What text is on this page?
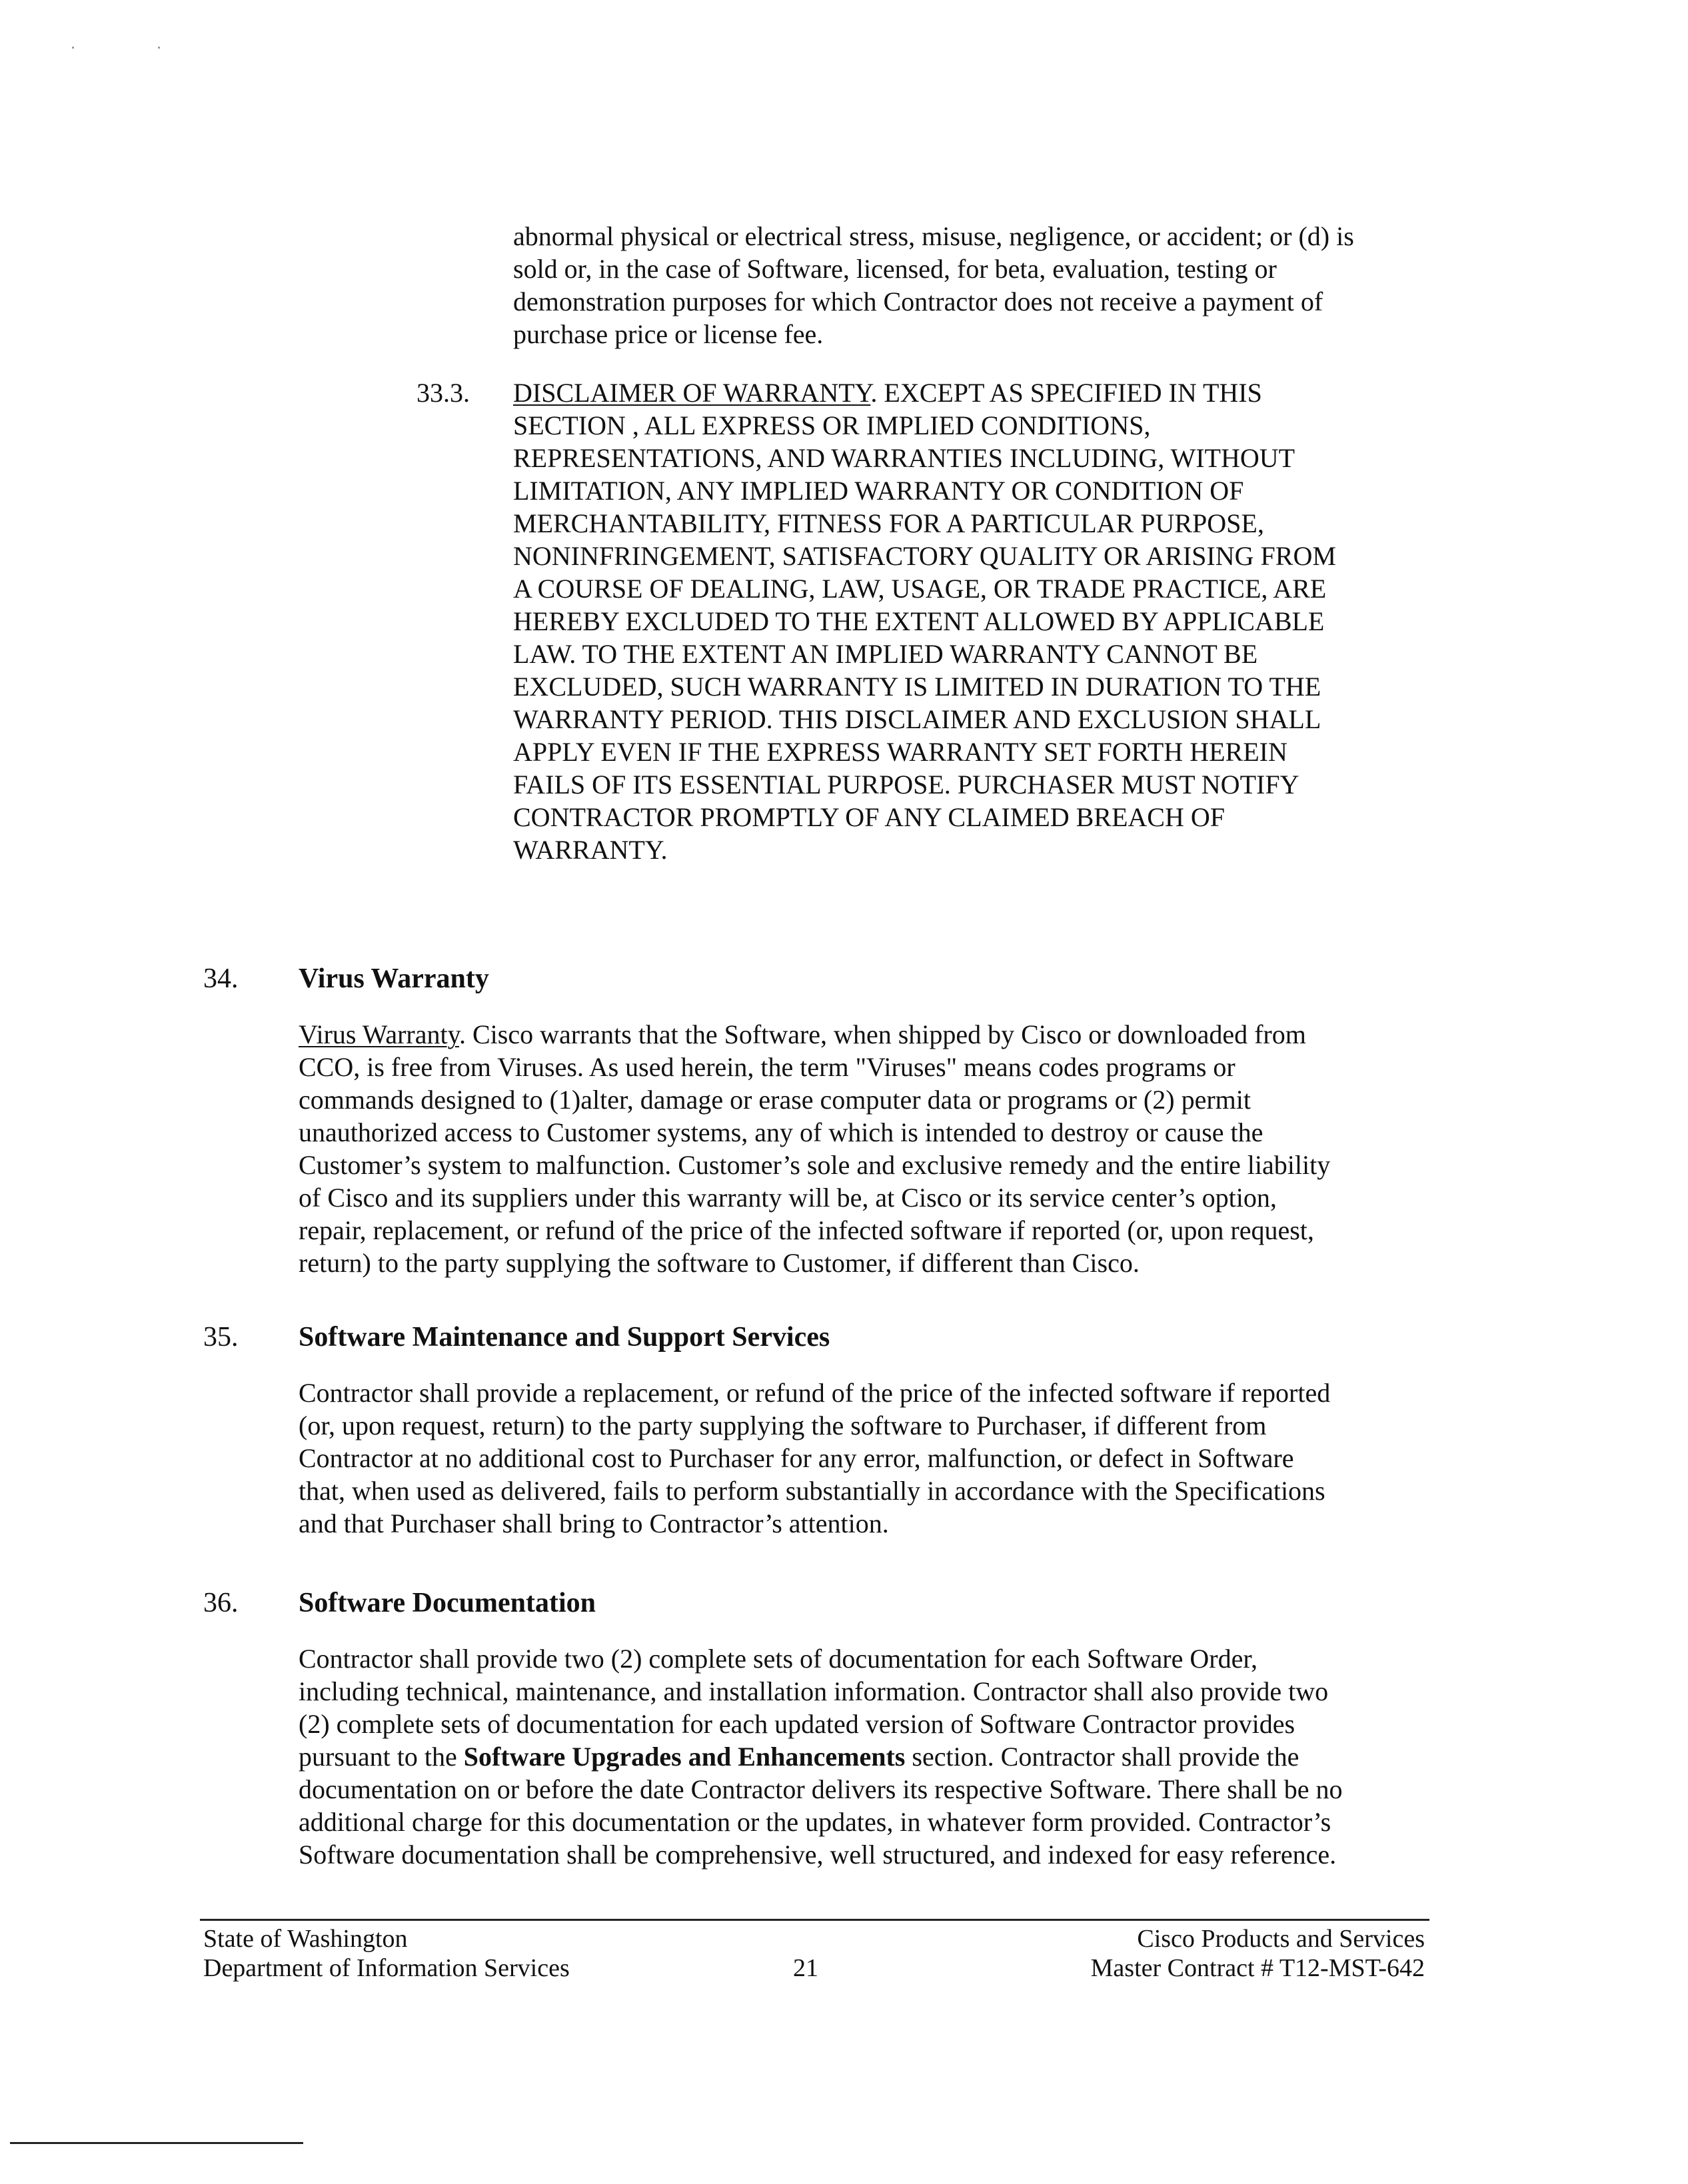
abnormal physical or electrical stress, misuse, negligence, or accident; or (d) is
sold or, in the case of Software, licensed, for beta, evaluation, testing or
demonstration purposes for which Contractor does not receive a payment of
purchase price or license fee.
33.3. DISCLAIMER OF WARRANTY. EXCEPT AS SPECIFIED IN THIS
SECTION , ALL EXPRESS OR IMPLIED CONDITIONS,
REPRESENTATIONS, AND WARRANTIES INCLUDING, WITHOUT
LIMITATION, ANY IMPLIED WARRANTY OR CONDITION OF
MERCHANTABILITY, FITNESS FOR A PARTICULAR PURPOSE,
NONINFRINGEMENT, SATISFACTORY QUALITY OR ARISING FROM
A COURSE OF DEALING, LAW, USAGE, OR TRADE PRACTICE, ARE
HEREBY EXCLUDED TO THE EXTENT ALLOWED BY APPLICABLE
LAW. TO THE EXTENT AN IMPLIED WARRANTY CANNOT BE
EXCLUDED, SUCH WARRANTY IS LIMITED IN DURATION TO THE
WARRANTY PERIOD. THIS DISCLAIMER AND EXCLUSION SHALL
APPLY EVEN IF THE EXPRESS WARRANTY SET FORTH HEREIN
FAILS OF ITS ESSENTIAL PURPOSE. PURCHASER MUST NOTIFY
CONTRACTOR PROMPTLY OF ANY CLAIMED BREACH OF
WARRANTY.
34. Virus Warranty
Virus Warranty. Cisco warrants that the Software, when shipped by Cisco or downloaded from
CCO, is free from Viruses. As used herein, the term "Viruses" means codes programs or
commands designed to (1)alter, damage or erase computer data or programs or (2) permit
unauthorized access to Customer systems, any of which is intended to destroy or cause the
Customer’s system to malfunction. Customer’s sole and exclusive remedy and the entire liability
of Cisco and its suppliers under this warranty will be, at Cisco or its service center’s option,
repair, replacement, or refund of the price of the infected software if reported (or, upon request,
return) to the party supplying the software to Customer, if different than Cisco.
35. Software Maintenance and Support Services
Contractor shall provide a replacement, or refund of the price of the infected software if reported
(or, upon request, return) to the party supplying the software to Purchaser, if different from
Contractor at no additional cost to Purchaser for any error, malfunction, or defect in Software
that, when used as delivered, fails to perform substantially in accordance with the Specifications
and that Purchaser shall bring to Contractor’s attention.
36. Software Documentation
Contractor shall provide two (2) complete sets of documentation for each Software Order,
including technical, maintenance, and installation information. Contractor shall also provide two
(2) complete sets of documentation for each updated version of Software Contractor provides
pursuant to the Software Upgrades and Enhancements section. Contractor shall provide the
documentation on or before the date Contractor delivers its respective Software. There shall be no
additional charge for this documentation or the updates, in whatever form provided. Contractor’s
Software documentation shall be comprehensive, well structured, and indexed for easy reference.
State of Washington
Department of Information Services	21
Cisco Products and Services
Master Contract # T12-MST-642
